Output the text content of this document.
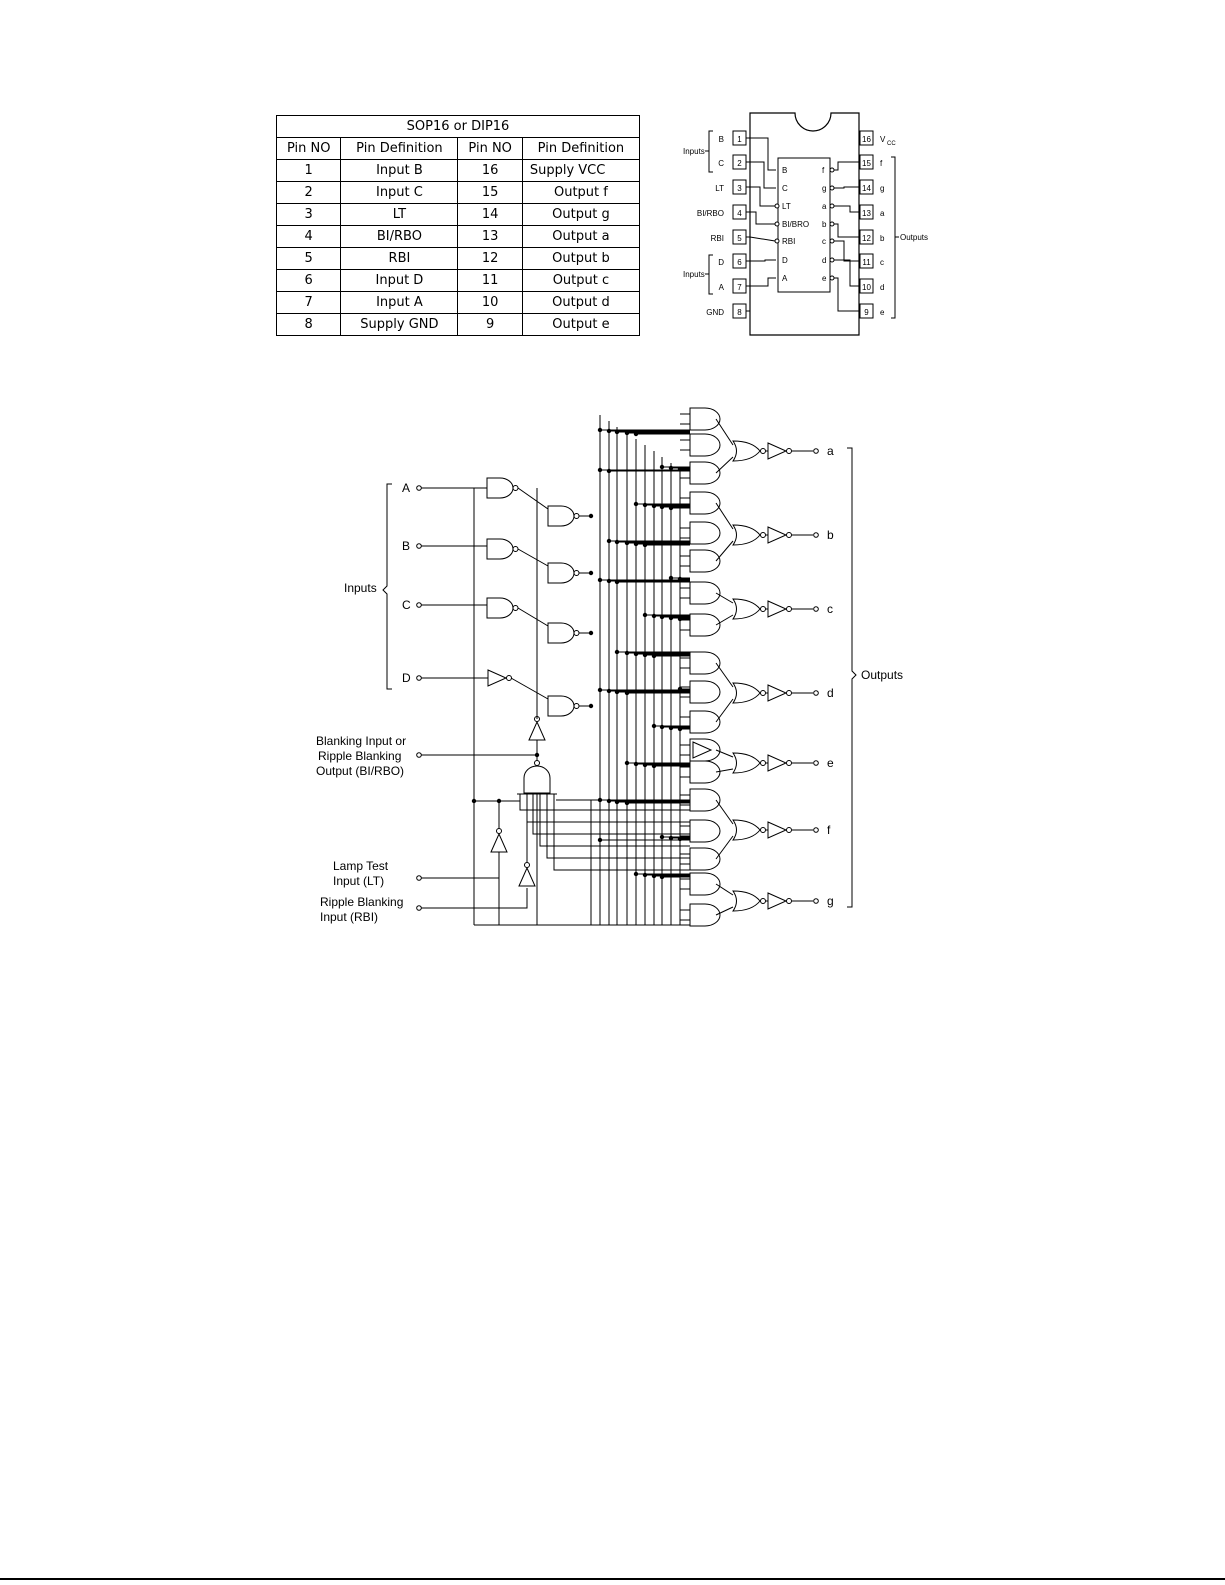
SOP16 or DIP16			
Pin NO	Pin Definition	Pin NO	Pin Definition
1	Input B	16	Supply VCC
2	Input C	15	Output f
3	LT	14	Output g
4	BI/RBO	13	Output a
5	RBI	12	Output b
6	Input D	11	Output c
7	Input A	10	Output d
8	Supply GND	9	Output e
1
B
2
C
3
LT
4
BI/RBO
5
RBI
6
D
7
A
8
GND
16 V CC
15 f
14 g
13 a
12 b
11 c
10 d
9 e
B
C
LT
BI/BRO
RBI
D
A
f
g
a
b
c
d
e
Inputs
Inputs
Outputs
A
B
C
D
Inputs
a
b
c
d
e
f
g
Outputs
Blanking Input or
Ripple Blanking
Output (BI/RBO)
Lamp Test
Input (LT)
Ripple Blanking
Input (RBI)
